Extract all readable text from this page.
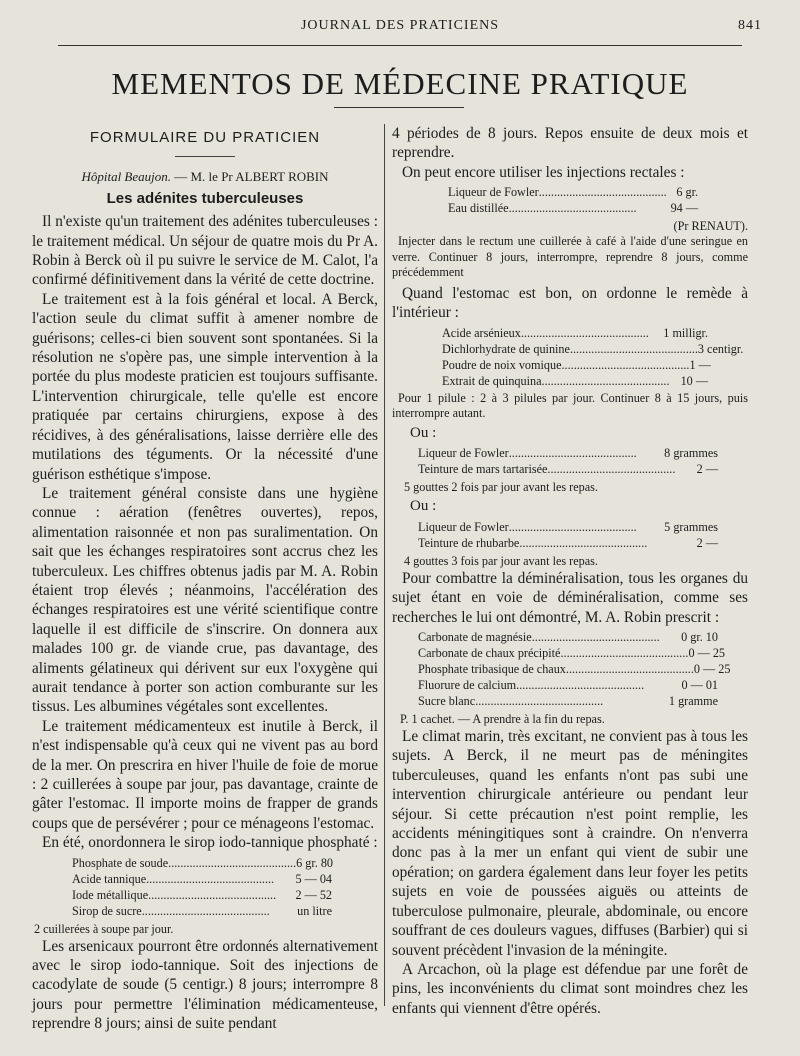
JOURNAL DES PRATICIENS	841
MEMENTOS DE MÉDECINE PRATIQUE
FORMULAIRE DU PRATICIEN
Hôpital Beaujon. — M. le Pr ALBERT ROBIN
Les adénites tuberculeuses

Il n'existe qu'un traitement des adénites tuberculeuses : le traitement médical. Un séjour de quatre mois du Pr A. Robin à Berck où il pu suivre le service de M. Calot, l'a confirmé définitivement dans la vérité de cette doctrine.

Le traitement est à la fois général et local. A Berck, l'action seule du climat suffit à amener nombre de guérisons; celles-ci bien souvent sont spontanées. Si la résolution ne s'opère pas, une simple intervention à la portée du plus modeste praticien est toujours suffisante. L'intervention chirurgicale, telle qu'elle est encore pratiquée par certains chirurgiens, expose à des récidives, à des généralisations, laisse derrière elle des mutilations des téguments. Or la nécessité d'une guérison esthétique s'impose.

Le traitement général consiste dans une hygiène connue : aération (fenêtres ouvertes), repos, alimentation raisonnée et non pas suralimentation. On sait que les échanges respiratoires sont accrus chez les tuberculeux. Les chiffres obtenus jadis par M. A. Robin étaient trop élevés ; néanmoins, l'accélération des échanges respiratoires est une vérité scientifique contre laquelle il est difficile de s'inscrire. On donnera aux malades 100 gr. de viande crue, pas davantage, des aliments gélatineux qui dérivent sur eux l'oxygène qui aurait tendance à porter son action comburante sur les tissus. Les albumines végétales sont excellentes.

Le traitement médicamenteux est inutile à Berck, il n'est indispensable qu'à ceux qui ne vivent pas au bord de la mer. On prescrira en hiver l'huile de foie de morue : 2 cuillerées à soupe par jour, pas davantage, crainte de gâter l'estomac. Il importe moins de frapper de grands coups que de persévérer ; pour ce ménageons l'estomac.

En été, onordonnera le sirop iodo-tannique phosphaté :

Phosphate de soude .......................................... 6 gr. 80
Acide tannique ..........................................	5 — 04
Iode métallique ..........................................	2 — 52
Sirop de sucre ..........................................	un litre
2 cuillerées à soupe par jour.

Les arsenicaux pourront être ordonnés alternativement avec le sirop iodo-tannique. Soit des injections de cacodylate de soude (5 centigr.) 8 jours; interrompre 8 jours pour permettre l'élimination médicamenteuse, reprendre 8 jours; ainsi de suite pendant

4 périodes de 8 jours. Repos ensuite de deux mois et reprendre.

On peut encore utiliser les injections rectales :

Liqueur de Fowler .......................................... 6 gr.
Eau distillée ..........................................	94 —
(Pr RENAUT).

Injecter dans le rectum une cuillerée à café à l'aide d'une seringue en verre. Continuer 8 jours, interrompre, reprendre 8 jours, comme précédemment

Quand l'estomac est bon, on ordonne le remède à l'intérieur :

Acide arsénieux ..........................................	1 milligr.
Dichlorhydrate de quinine .......................................... 3 centigr.
Poudre de noix vomique .......................................... 1 —
Extrait de quinquina .......................................... 10 —

Pour 1 pilule : 2 à 3 pilules par jour. Continuer 8 à 15 jours, puis interrompre autant.

Ou :
Liqueur de Fowler ..........................................	8 grammes
Teinture de mars tartarisée ..........................................	2 —
5 gouttes 2 fois par jour avant les repas.
Ou :
Liqueur de Fowler ..........................................	5 grammes
Teinture de rhubarbe ..........................................	2 —
4 gouttes 3 fois par jour avant les repas.

Pour combattre la déminéralisation, tous les organes du sujet étant en voie de déminéralisation, comme ses recherches le lui ont démontré, M. A. Robin prescrit :

Carbonate de magnésie ..........................................	0 gr. 10
Carbonate de chaux précipité .......................................... 0 — 25
Phosphate tribasique de chaux .......................................... 0 — 25
Fluorure de calcium ..........................................	0 — 01
Sucre blanc ..........................................	1 gramme
P. 1 cachet. — A prendre à la fin du repas.

Le climat marin, très excitant, ne convient pas à tous les sujets. A Berck, il ne meurt pas de méningites tuberculeuses, quand les enfants n'ont pas subi une intervention chirurgicale antérieure ou pendant leur séjour. Si cette précaution n'est point remplie, les accidents méningitiques sont à craindre. On n'enverra donc pas à la mer un enfant qui vient de subir une opération; on gardera également dans leur foyer les petits sujets en voie de poussées aiguës ou atteints de tuberculose pulmonaire, pleurale, abdominale, ou encore souffrant de ces douleurs vagues, diffuses (Barbier) qui si souvent précèdent l'invasion de la méningite.

A Arcachon, où la plage est défendue par une forêt de pins, les inconvénients du climat sont moindres chez les enfants qui viennent d'être opérés.
